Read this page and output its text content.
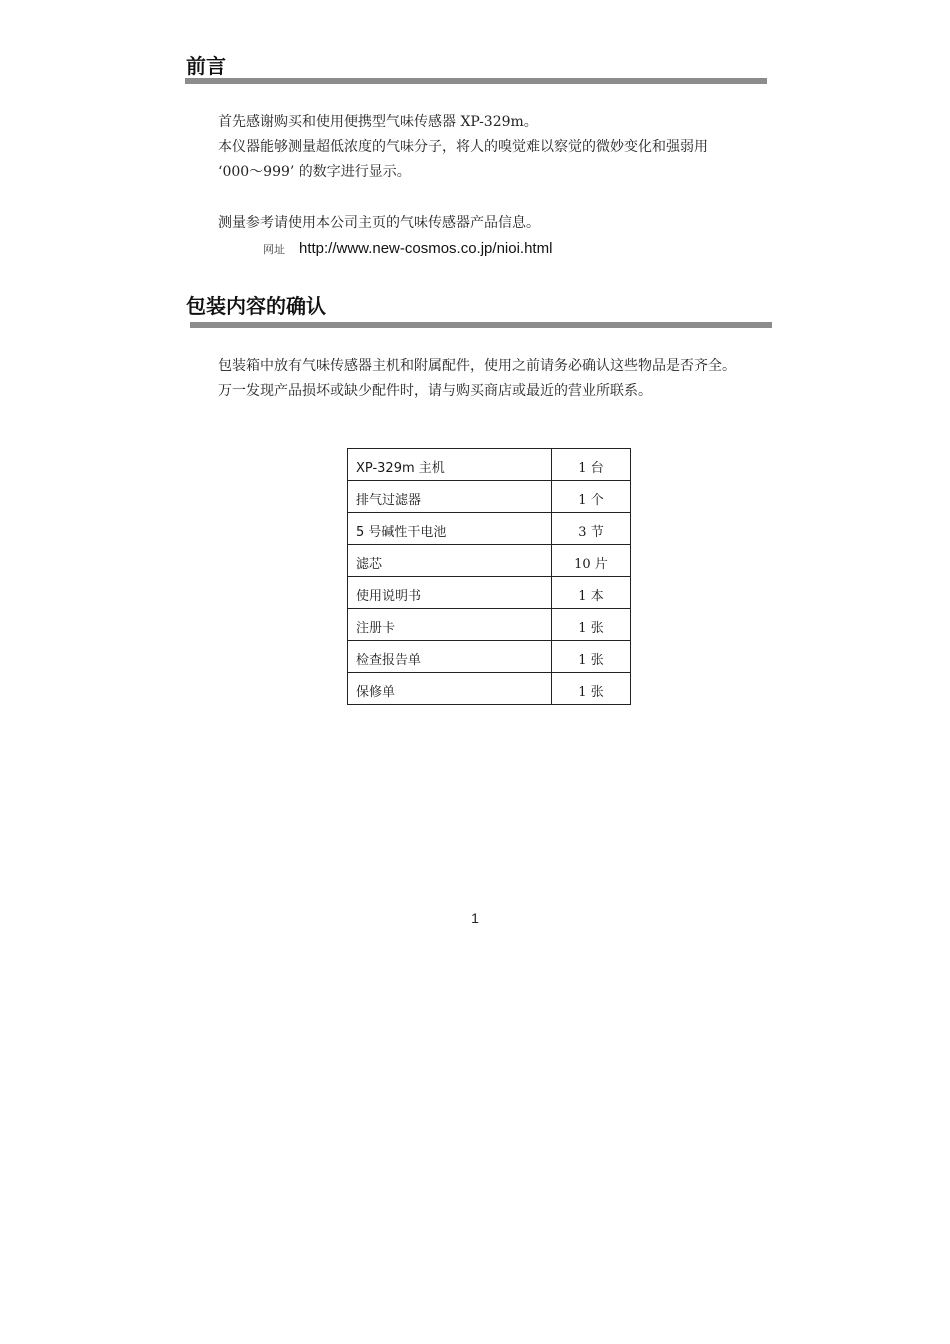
前言
首先感谢购买和使用便携型气味传感器 XP-329m。
本仪器能够测量超低浓度的气味分子，将人的嗅觉难以察觉的微妙变化和强弱用
‘000～999’ 的数字进行显示。
测量参考请使用本公司主页的气味传感器产品信息。
网址 http://www.new-cosmos.co.jp/nioi.html
包装内容的确认
包装箱中放有气味传感器主机和附属配件，使用之前请务必确认这些物品是否齐全。
万一发现产品损坏或缺少配件时，请与购买商店或最近的营业所联系。
XP-329m 主机	1 台
排气过滤器	1 个
5 号碱性干电池	3 节
滤芯	10 片
使用说明书	1 本
注册卡	1 张
检查报告单	1 张
保修单	1 张
1
